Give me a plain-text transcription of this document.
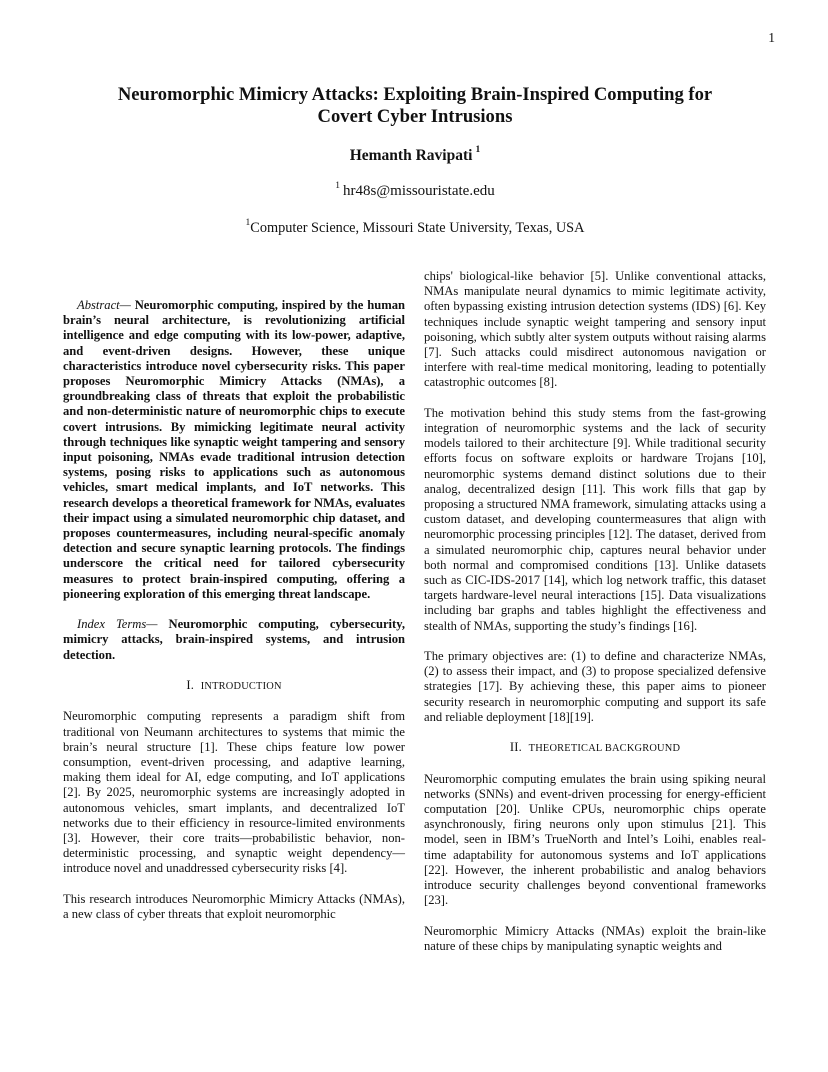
1
Neuromorphic Mimicry Attacks: Exploiting Brain-Inspired Computing for
Covert Cyber Intrusions
Hemanth Ravipati  $^1$
$^1$  hr48s@missouristate.edu
$^1$Computer Science, Missouri State University, Texas, USA

Abstract— Neuromorphic computing, inspired by the human brain’s neural architecture, is revolutionizing artificial intelligence and edge computing with its low-power, adaptive, and event-driven designs. However, these unique characteristics introduce novel cybersecurity risks. This paper proposes Neuromorphic Mimicry Attacks (NMAs), a groundbreaking class of threats that exploit the probabilistic and non-deterministic nature of neuromorphic chips to execute covert intrusions. By mimicking legitimate neural activity through techniques like synaptic weight tampering and sensory input poisoning, NMAs evade traditional intrusion detection systems, posing risks to applications such as autonomous vehicles, smart medical implants, and IoT networks. This research develops a theoretical framework for NMAs, evaluates their impact using a simulated neuromorphic chip dataset, and proposes countermeasures, including neural-specific anomaly detection and secure synaptic learning protocols. The findings underscore the critical need for tailored cybersecurity measures to protect brain-inspired computing, offering a pioneering exploration of this emerging threat landscape.

Index Terms— Neuromorphic computing, cybersecurity, mimicry attacks, brain-inspired systems, and intrusion detection.

I. INTRODUCTION

Neuromorphic computing represents a paradigm shift from traditional von Neumann architectures to systems that mimic the brain’s neural structure [1]. These chips feature low power consumption, event-driven processing, and adaptive learning, making them ideal for AI, edge computing, and IoT applications [2]. By 2025, neuromorphic systems are increasingly adopted in autonomous vehicles, smart implants, and decentralized IoT networks due to their efficiency in resource-limited environments [3]. However, their core traits—probabilistic behavior, non-deterministic processing, and synaptic weight dependency—introduce novel and unaddressed cybersecurity risks [4].

This research introduces Neuromorphic Mimicry Attacks (NMAs), a new class of cyber threats that exploit neuromorphic

chips' biological-like behavior [5]. Unlike conventional attacks, NMAs manipulate neural dynamics to mimic legitimate activity, often bypassing existing intrusion detection systems (IDS) [6]. Key techniques include synaptic weight tampering and sensory input poisoning, which subtly alter system outputs without raising alarms [7]. Such attacks could misdirect autonomous navigation or interfere with real-time medical monitoring, leading to potentially catastrophic outcomes [8].

The motivation behind this study stems from the fast-growing integration of neuromorphic systems and the lack of security models tailored to their architecture [9]. While traditional security efforts focus on software exploits or hardware Trojans [10], neuromorphic systems demand distinct solutions due to their analog, decentralized design [11]. This work fills that gap by proposing a structured NMA framework, simulating attacks using a custom dataset, and developing countermeasures that align with neuromorphic processing principles [12]. The dataset, derived from a simulated neuromorphic chip, captures neural behavior under both normal and compromised conditions [13]. Unlike datasets such as CIC-IDS-2017 [14], which log network traffic, this dataset targets hardware-level neural interactions [15]. Data visualizations including bar graphs and tables highlight the effectiveness and stealth of NMAs, supporting the study’s findings [16].

The primary objectives are: (1) to define and characterize NMAs, (2) to assess their impact, and (3) to propose specialized defensive strategies [17]. By achieving these, this paper aims to pioneer security research in neuromorphic computing and support its safe and reliable deployment [18][19].

II. THEORETICAL BACKGROUND

Neuromorphic computing emulates the brain using spiking neural networks (SNNs) and event-driven processing for energy-efficient computation [20]. Unlike CPUs, neuromorphic chips operate asynchronously, firing neurons only upon stimulus [21]. This model, seen in IBM’s TrueNorth and Intel’s Loihi, enables real-time adaptability for autonomous systems and IoT applications [22]. However, the inherent probabilistic and analog behaviors introduce security challenges beyond conventional frameworks [23].

Neuromorphic Mimicry Attacks (NMAs) exploit the brain-like nature of these chips by manipulating synaptic weights and
